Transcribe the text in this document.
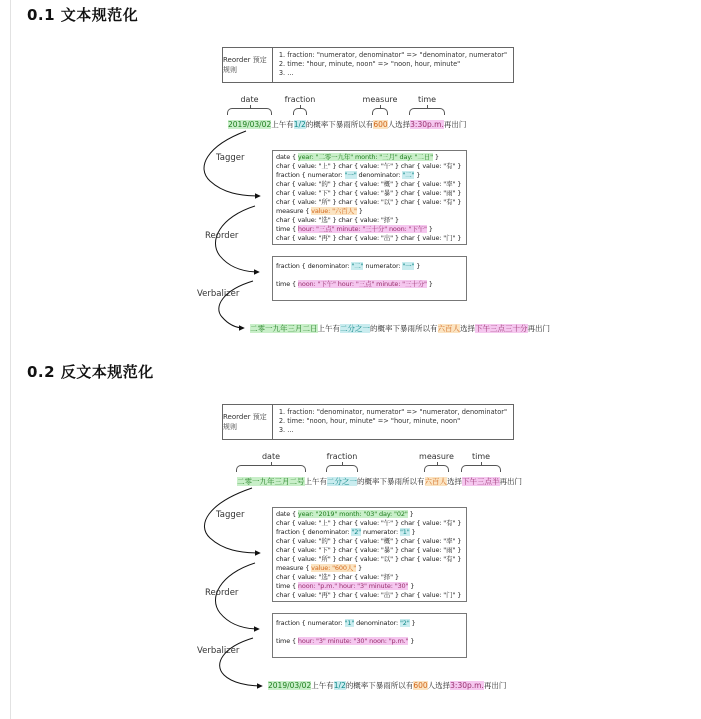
0.1 文本规范化
Reorder 预定规则
1. fraction: "numerator, denominator" => "denominator, numerator"
2. time: "hour, minute, noon" => "noon, hour, minute"
3. ...
Tagger
Reorder
Verbalizer
date	fraction	measure	time
2019/03/02上午有1/2的概率下暴雨所以有600人选择3:30p.m.再出门
date { year: "二零一九年" month: "三月" day: "二日" }
char { value: "上" } char { value: "午" } char { value: "有" }
fraction { numerator: "一" denominator: "二" }
char { value: "的" } char { value: "概" } char { value: "率" }
char { value: "下" } char { value: "暴" } char { value: "雨" }
char { value: "所" } char { value: "以" } char { value: "有" }
measure { value: "六百人" }
char { value: "选" } char { value: "择" }
time { hour: "三点" minute: "三十分" noon: "下午" }
char { value: "再" } char { value: "出" } char { value: "门" }
fraction { denominator: "二" numerator: "一" }
time { noon: "下午" hour: "三点" minute: "三十分" }
二零一九年三月二日上午有二分之一的概率下暴雨所以有六百人选择下午三点三十分再出门
0.2 反文本规范化
Reorder 预定规则
1. fraction: "denominator, numerator" => "numerator, denominator"
2. time: "noon, hour, minute" => "hour, minute, noon"
3. ...
Tagger
Reorder
Verbalizer
date	fraction	measure time
二零一九年三月二号上午有二分之一的概率下暴雨所以有六百人选择下午三点半再出门
date { year: "2019" month: "03" day: "02" }
char { value: "上" } char { value: "午" } char { value: "有" }
fraction { denominator: "2" numerator: "1" }
char { value: "的" } char { value: "概" } char { value: "率" }
char { value: "下" } char { value: "暴" } char { value: "雨" }
char { value: "所" } char { value: "以" } char { value: "有" }
measure { value: "600人" }
char { value: "选" } char { value: "择" }
time { noon: "p.m." hour: "3" minute: "30" }
char { value: "再" } char { value: "出" } char { value: "门" }
fraction { numerator: "1" denominator: "2" }
time { hour: "3" minute: "30" noon: "p.m." }
2019/03/02上午有1/2的概率下暴雨所以有600人选择3:30p.m.再出门
